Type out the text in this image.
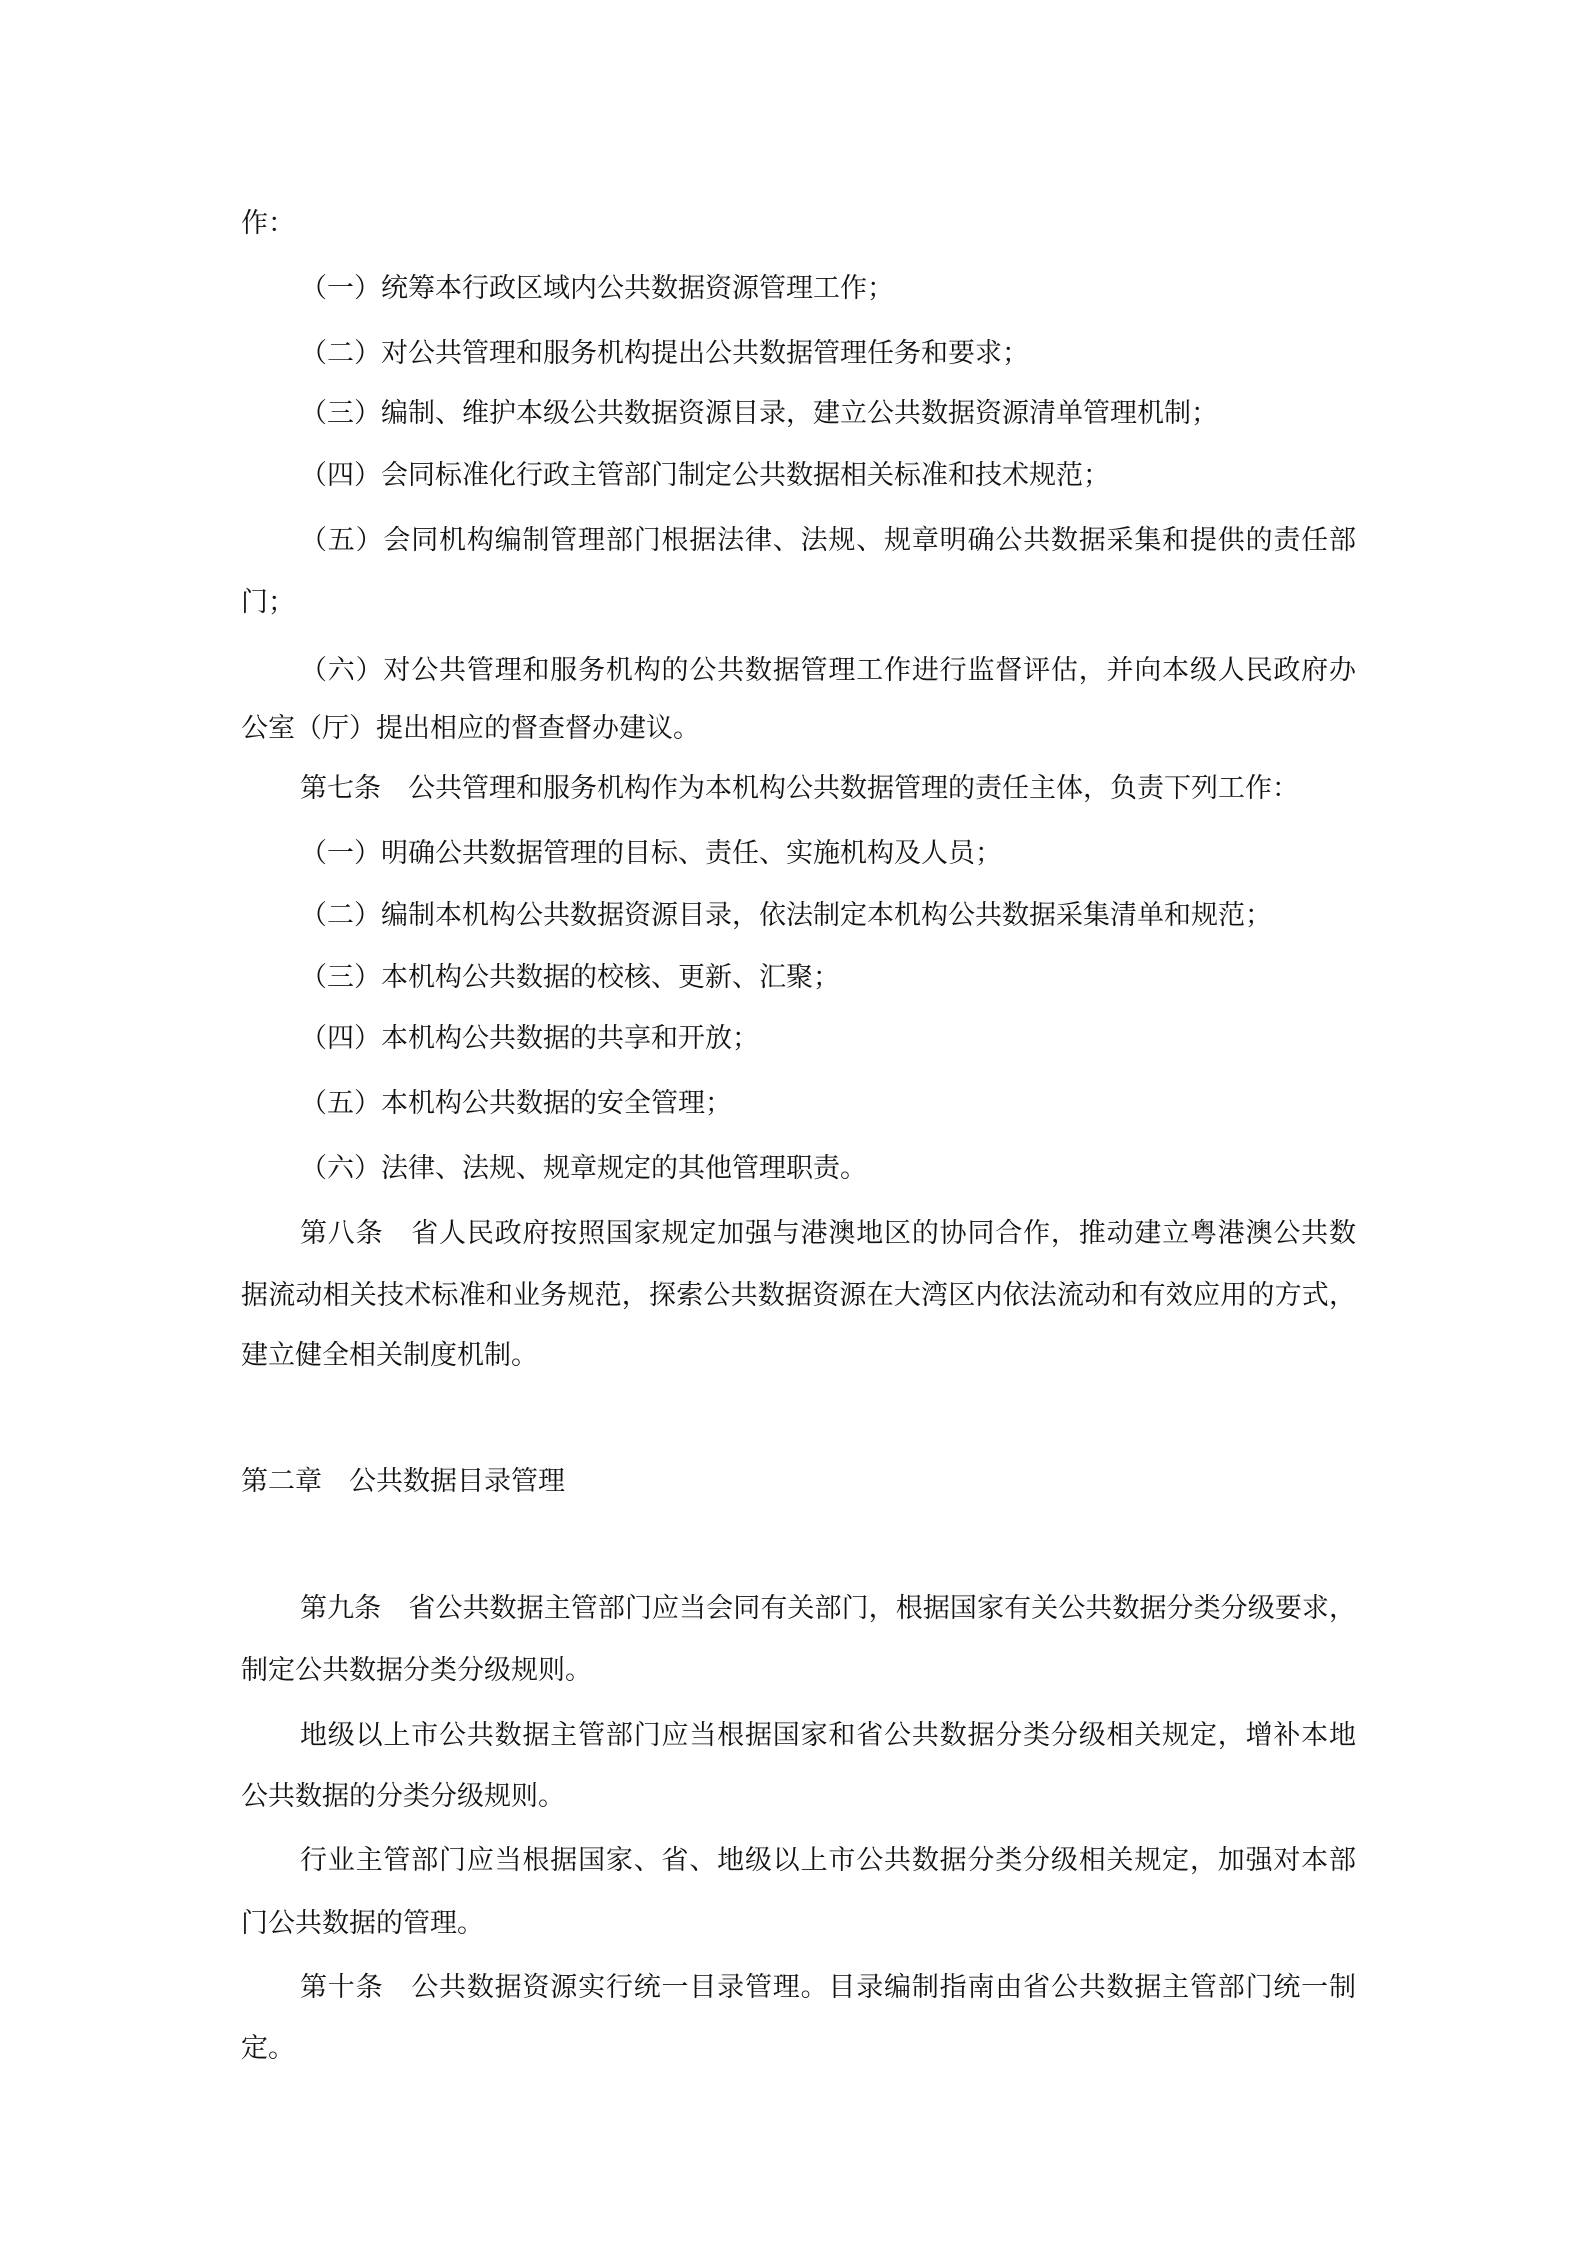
作：
（一）统筹本行政区域内公共数据资源管理工作；
（二）对公共管理和服务机构提出公共数据管理任务和要求；
（三）编制、维护本级公共数据资源目录，建立公共数据资源清单管理机制；
（四）会同标准化行政主管部门制定公共数据相关标准和技术规范；
（五）会同机构编制管理部门根据法律、法规、规章明确公共数据采集和提供的责任部
门；
（六）对公共管理和服务机构的公共数据管理工作进行监督评估，并向本级人民政府办
公室（厅）提出相应的督查督办建议。
第七条　公共管理和服务机构作为本机构公共数据管理的责任主体，负责下列工作：
（一）明确公共数据管理的目标、责任、实施机构及人员；
（二）编制本机构公共数据资源目录，依法制定本机构公共数据采集清单和规范；
（三）本机构公共数据的校核、更新、汇聚；
（四）本机构公共数据的共享和开放；
（五）本机构公共数据的安全管理；
（六）法律、法规、规章规定的其他管理职责。
第八条　省人民政府按照国家规定加强与港澳地区的协同合作，推动建立粤港澳公共数
据流动相关技术标准和业务规范，探索公共数据资源在大湾区内依法流动和有效应用的方式，
建立健全相关制度机制。
第二章　公共数据目录管理
第九条　省公共数据主管部门应当会同有关部门，根据国家有关公共数据分类分级要求，
制定公共数据分类分级规则。
地级以上市公共数据主管部门应当根据国家和省公共数据分类分级相关规定，增补本地
公共数据的分类分级规则。
行业主管部门应当根据国家、省、地级以上市公共数据分类分级相关规定，加强对本部
门公共数据的管理。
第十条　公共数据资源实行统一目录管理。目录编制指南由省公共数据主管部门统一制
定。
